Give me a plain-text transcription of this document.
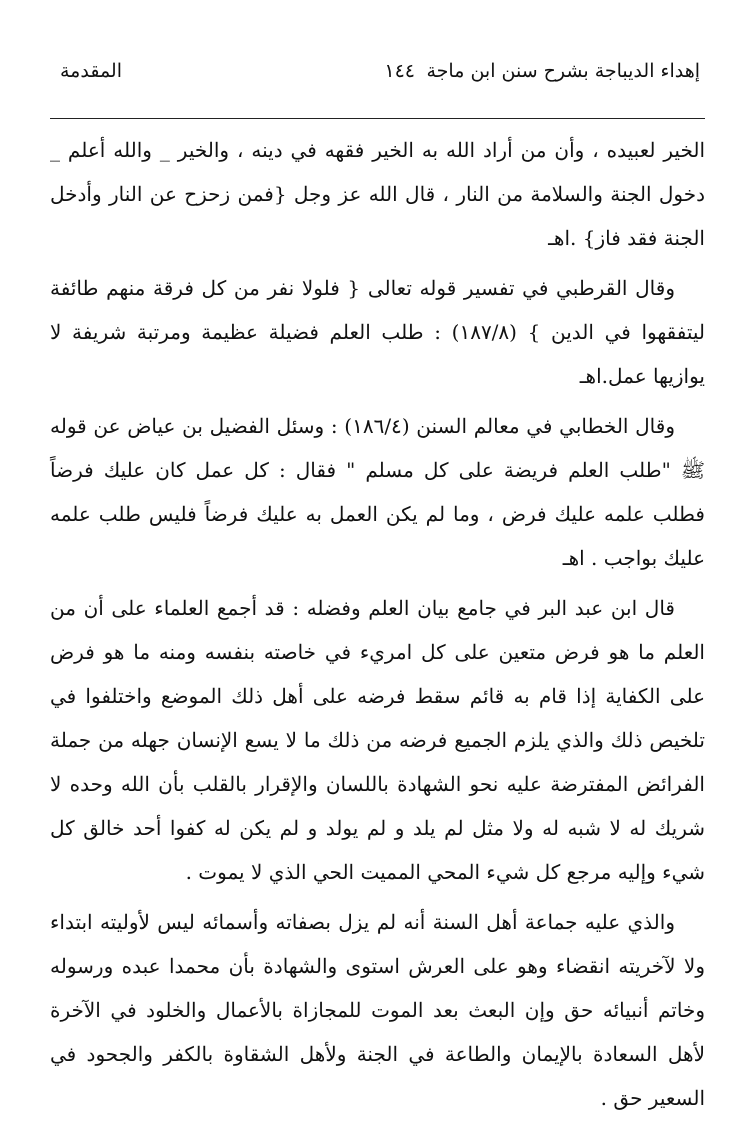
إهداء الديباجة بشرح سنن ابن ماجة
١٤٤
المقدمة

الخير لعبيده ، وأن من أراد الله به الخير فقهه في دينه ، والخير _ والله أعلم _ دخول الجنة والسلامة من النار ، قال الله عز وجل {فمن زحزح عن النار وأدخل الجنة فقد فاز} .اهـ

وقال القرطبي في تفسير قوله تعالى { فلولا نفر من كل فرقة منهم طائفة ليتفقهوا في الدين } (١٨٧/٨) : طلب العلم فضيلة عظيمة ومرتبة شريفة لا يوازيها عمل.اهـ

وقال الخطابي في معالم السنن (١٨٦/٤) : وسئل الفضيل بن عياض عن قوله ﷺ "طلب العلم فريضة على كل مسلم " فقال : كل عمل كان عليك فرضاً فطلب علمه عليك فرض ، وما لم يكن العمل به عليك فرضاً فليس طلب علمه عليك بواجب . اهـ

قال ابن عبد البر في جامع بيان العلم وفضله : قد أجمع العلماء على أن من العلم ما هو فرض متعين على كل امريء في خاصته بنفسه ومنه ما هو فرض على الكفاية إذا قام به قائم سقط فرضه على أهل ذلك الموضع واختلفوا في تلخيص ذلك والذي يلزم الجميع فرضه من ذلك ما لا يسع الإنسان جهله من جملة الفرائض المفترضة عليه نحو الشهادة باللسان والإقرار بالقلب بأن الله وحده لا شريك له لا شبه له ولا مثل لم يلد و لم يولد و لم يكن له كفوا أحد خالق كل شيء وإليه مرجع كل شيء المحي المميت الحي الذي لا يموت .

والذي عليه جماعة أهل السنة أنه لم يزل بصفاته وأسمائه ليس لأوليته ابتداء ولا لآخريته انقضاء وهو على العرش استوى والشهادة بأن محمدا عبده ورسوله وخاتم أنبيائه حق وإن البعث بعد الموت للمجازاة بالأعمال والخلود في الآخرة لأهل السعادة بالإيمان والطاعة في الجنة ولأهل الشقاوة بالكفر والجحود في السعير حق .
